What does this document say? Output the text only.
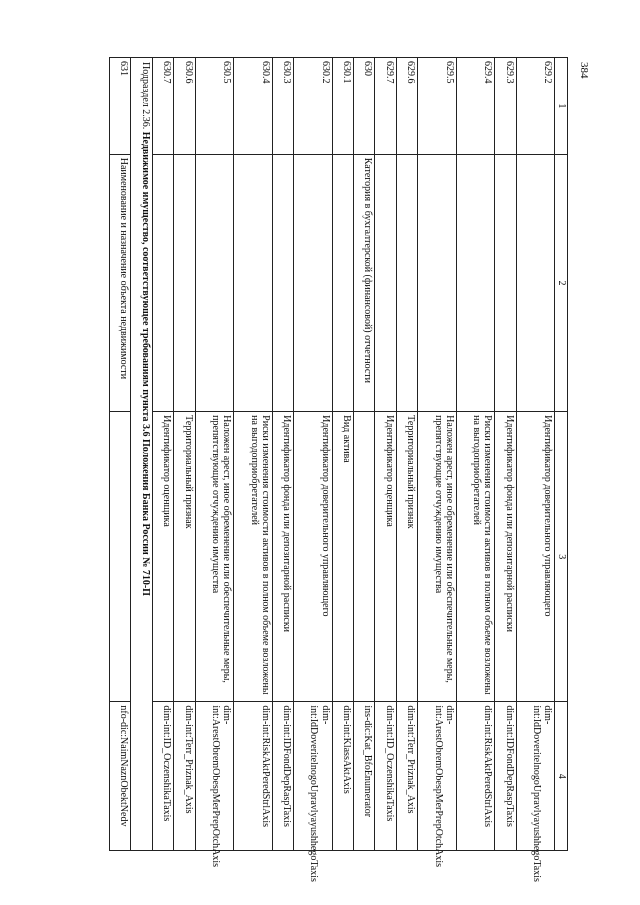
384
1	2	3	4
629.2		Идентификатор доверительного управляющего	dim-int:IdDoveritelnogoUpravlyayushhegoTaxis
629.3		Идентификатор фонда или депозитарной расписки	dim-int:IDFondDepRaspTaxis
629.4		Риски изменения стоимости активов в полном объеме возложены на выгодоприобретателей	dim-int:RiskAktPeredStrlAxis
629.5		Наложен арест, иное обременение или обеспечительные меры, препятствующие отчуждению имущества	dim-int:ArestObremObespMerPrepOtchAxis
629.6		Территориальный признак	dim-int:Terr_Priznak_Axis
629.7		Идентификатор оценщика	dim-int:ID_OczenshikaTaxis
630	Категория в бухгалтерской (финансовой) отчетности		ins-dic:Kat_BfoEnumerator
630.1		Вид актива	dim-int:KlassAktAxis
630.2		Идентификатор доверительного управляющего	dim-int:IdDoveritelnogoUpravlyayushhegoTaxis
630.3		Идентификатор фонда или депозитарной расписки	dim-int:IDFondDepRaspTaxis
630.4		Риски изменения стоимости активов в полном объеме возложены на выгодоприобретателей	dim-int:RiskAktPeredStrlAxis
630.5		Наложен арест, иное обременение или обеспечительные меры, препятствующие отчуждению имущества	dim-int:ArestObremObespMerPrepOtchAxis
630.6		Территориальный признак	dim-int:Terr_Priznak_Axis
630.7		Идентификатор оценщика	dim-int:ID_OczenshikaTaxis
Подраздел 2.36. Недвижимое имущество, соответствующее требованиям пункта 3.6 Положения Банка России № 710-П			
631	Наименование и назначение объекта недвижимости		nfo-dic:NaimNaznObektNedv
